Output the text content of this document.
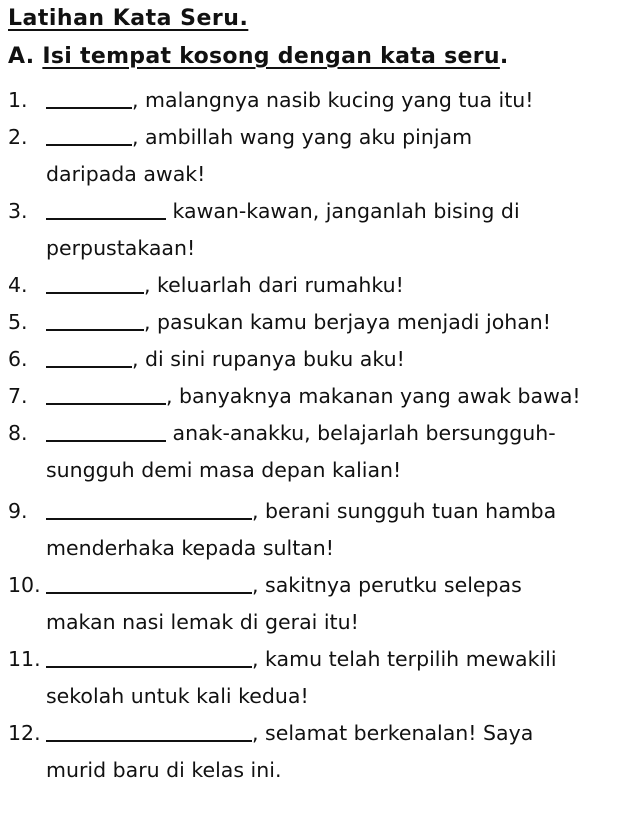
Latihan Kata Seru.
A. Isi tempat kosong dengan kata seru.
1.	, malangnya nasib kucing yang tua itu!
2.	, ambillah wang yang aku pinjam
daripada awak!
3.	kawan-kawan, janganlah bising di
perpustakaan!
4.	, keluarlah dari rumahku!
5.	, pasukan kamu berjaya menjadi johan!
6.	, di sini rupanya buku aku!
7.	, banyaknya makanan yang awak bawa!
8.	anak-anakku, belajarlah bersungguh-
sungguh demi masa depan kalian!
9.	, berani sungguh tuan hamba
menderhaka kepada sultan!
10.	, sakitnya perutku selepas
makan nasi lemak di gerai itu!
11.	, kamu telah terpilih mewakili
sekolah untuk kali kedua!
12.	, selamat berkenalan! Saya
murid baru di kelas ini.
